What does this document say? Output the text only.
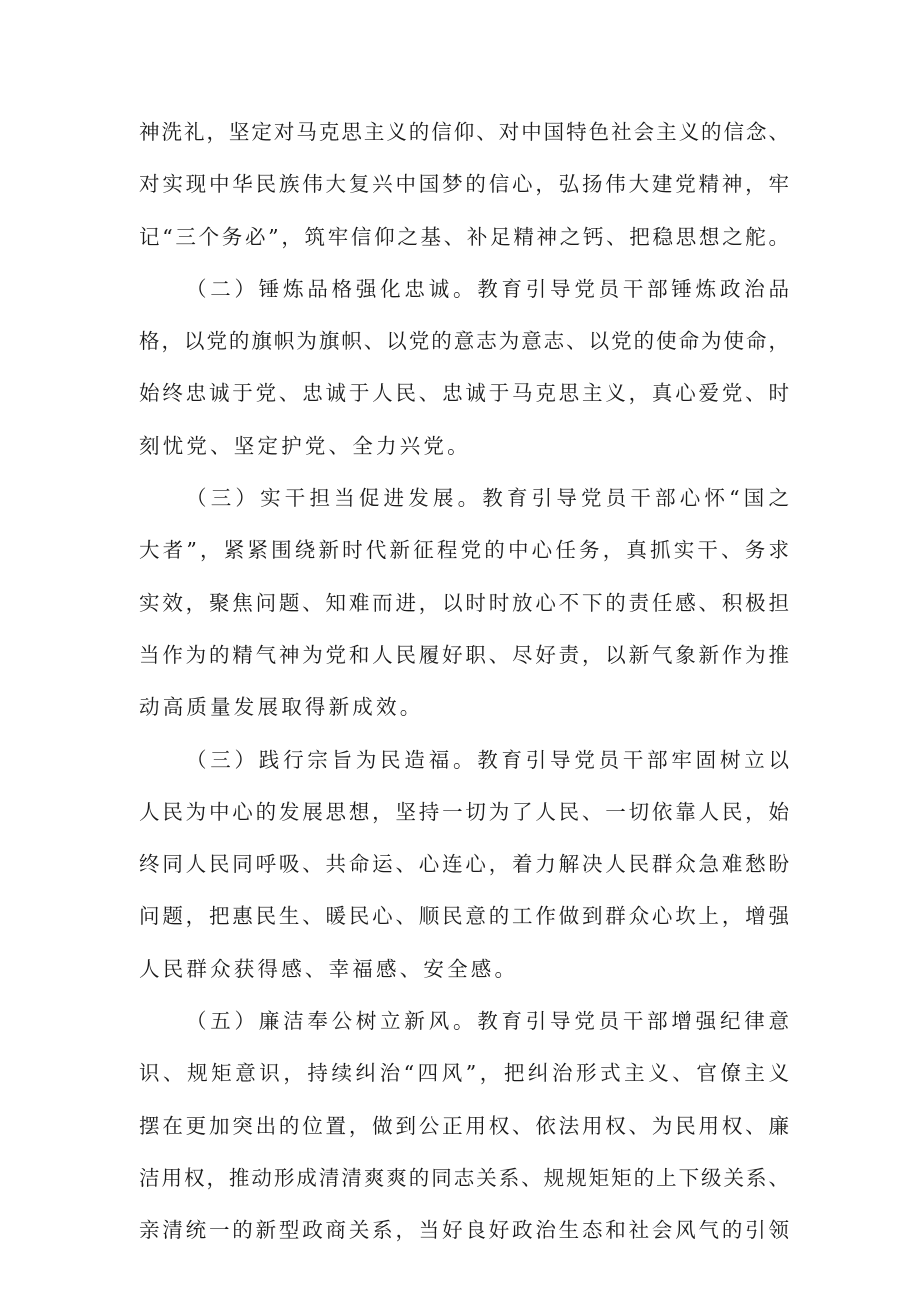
神洗礼，坚定对马克思主义的信仰、对中国特色社会主义的信念、
对实现中华民族伟大复兴中国梦的信心，弘扬伟大建党精神，牢
记“三个务必”，筑牢信仰之基、补足精神之钙、把稳思想之舵。
（二）锤炼品格强化忠诚。教育引导党员干部锤炼政治品
格，以党的旗帜为旗帜、以党的意志为意志、以党的使命为使命，
始终忠诚于党、忠诚于人民、忠诚于马克思主义，真心爱党、时
刻忧党、坚定护党、全力兴党。
（三）实干担当促进发展。教育引导党员干部心怀“国之
大者”，紧紧围绕新时代新征程党的中心任务，真抓实干、务求
实效，聚焦问题、知难而进，以时时放心不下的责任感、积极担
当作为的精气神为党和人民履好职、尽好责，以新气象新作为推
动高质量发展取得新成效。
（三）践行宗旨为民造福。教育引导党员干部牢固树立以
人民为中心的发展思想，坚持一切为了人民、一切依靠人民，始
终同人民同呼吸、共命运、心连心，着力解决人民群众急难愁盼
问题，把惠民生、暖民心、顺民意的工作做到群众心坎上，增强
人民群众获得感、幸福感、安全感。
（五）廉洁奉公树立新风。教育引导党员干部增强纪律意
识、规矩意识，持续纠治“四风”，把纠治形式主义、官僚主义
摆在更加突出的位置，做到公正用权、依法用权、为民用权、廉
洁用权，推动形成清清爽爽的同志关系、规规矩矩的上下级关系、
亲清统一的新型政商关系，当好良好政治生态和社会风气的引领
